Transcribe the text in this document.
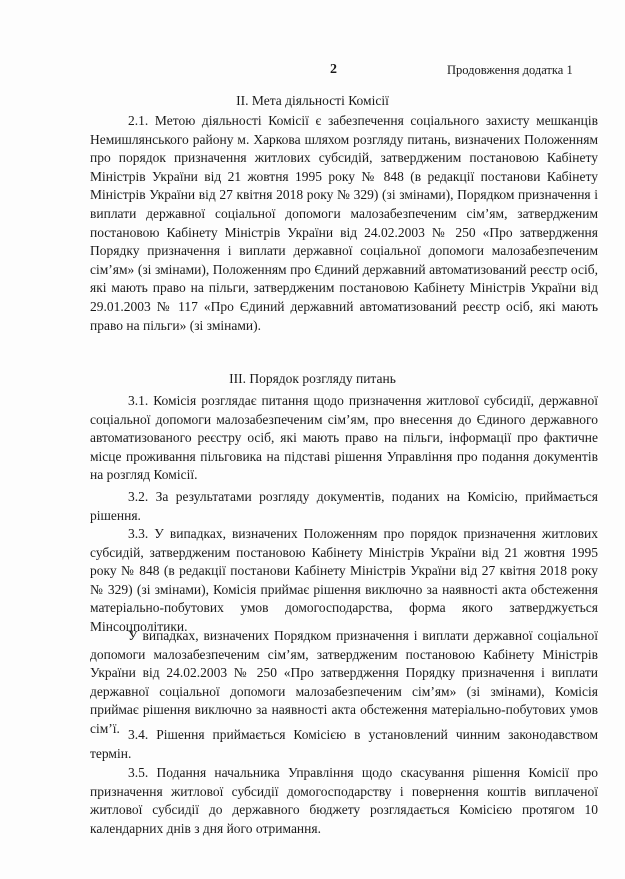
2	Продовження додатка 1
ІІ. Мета діяльності Комісії

2.1. Метою діяльності Комісії є забезпечення соціального захисту мешканців Немишлянського району м. Харкова шляхом розгляду питань, визначених Положенням про порядок призначення житлових субсидій, затвердженим постановою Кабінету Міністрів України від 21 жовтня 1995 року № 848 (в редакції постанови Кабінету Міністрів України від 27 квітня 2018 року № 329) (зі змінами), Порядком призначення і виплати державної соціальної допомоги малозабезпеченим сім’ям, затвердженим постановою Кабінету Міністрів України від 24.02.2003 № 250 «Про затвердження Порядку призначення і виплати державної соціальної допомоги малозабезпеченим сім’ям» (зі змінами), Положенням про Єдиний державний автоматизований реєстр осіб, які мають право на пільги, затвердженим постановою Кабінету Міністрів України від 29.01.2003 № 117 «Про Єдиний державний автоматизований реєстр осіб, які мають право на пільги» (зі змінами).

ІІІ. Порядок розгляду питань

3.1. Комісія розглядає питання щодо призначення житлової субсидії, державної соціальної допомоги малозабезпеченим сім’ям, про внесення до Єдиного державного автоматизованого реєстру осіб, які мають право на пільги, інформації про фактичне місце проживання пільговика на підставі рішення Управління про подання документів на розгляд Комісії.

3.2. За результатами розгляду документів, поданих на Комісію, приймається рішення.

3.3. У випадках, визначених Положенням про порядок призначення житлових субсидій, затвердженим постановою Кабінету Міністрів України від 21 жовтня 1995 року № 848 (в редакції постанови Кабінету Міністрів України від 27 квітня 2018 року № 329) (зі змінами), Комісія приймає рішення виключно за наявності акта обстеження матеріально-побутових умов домогосподарства, форма якого затверджується Мінсоцполітики.

У випадках, визначених Порядком призначення і виплати державної соціальної допомоги малозабезпеченим сім’ям, затвердженим постановою Кабінету Міністрів України від 24.02.2003 № 250 «Про затвердження Порядку призначення і виплати державної соціальної допомоги малозабезпеченим сім’ям» (зі змінами), Комісія приймає рішення виключно за наявності акта обстеження матеріально-побутових умов сім’ї. 3.4. Рішення приймається Комісією в установлений чинним законодавством термін.

3.5. Подання начальника Управління щодо скасування рішення Комісії про призначення житлової субсидії домогосподарству і повернення коштів виплаченої житлової субсидії до державного бюджету розглядається Комісією протягом 10 календарних днів з дня його отримання.
